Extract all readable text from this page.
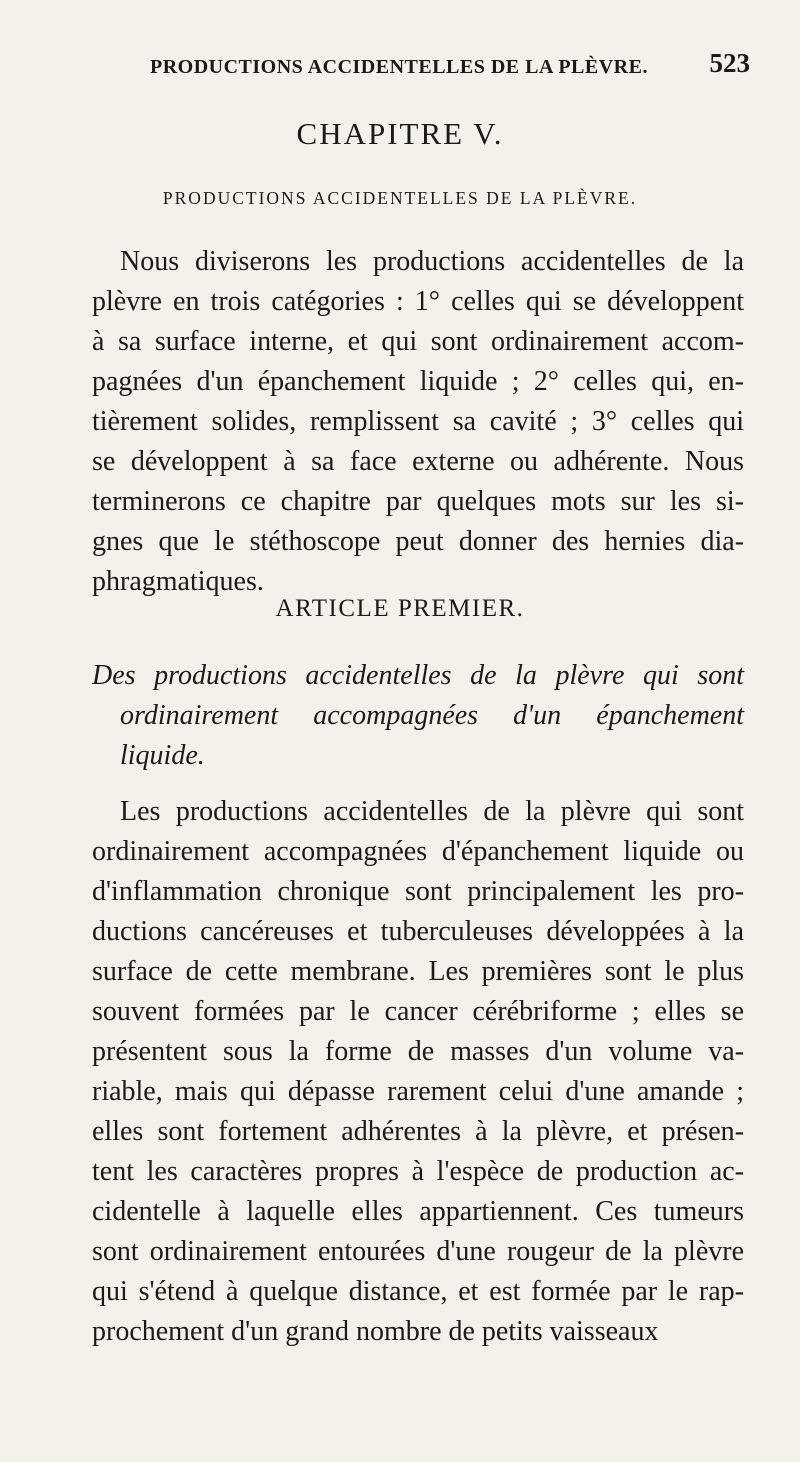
PRODUCTIONS ACCIDENTELLES DE LA PLÈVRE.	523
CHAPITRE V.
PRODUCTIONS ACCIDENTELLES DE LA PLÈVRE.
Nous diviserons les productions accidentelles de la
plèvre en trois catégories : 1° celles qui se développent
à sa surface interne, et qui sont ordinairement accom-
pagnées d'un épanchement liquide ; 2° celles qui, en-
tièrement solides, remplissent sa cavité ; 3° celles qui
se développent à sa face externe ou adhérente. Nous
terminerons ce chapitre par quelques mots sur les si-
gnes que le stéthoscope peut donner des hernies dia-
phragmatiques.
ARTICLE PREMIER.
Des productions accidentelles de la plèvre qui sont
ordinairement accompagnées d'un épanchement
liquide.
Les productions accidentelles de la plèvre qui sont
ordinairement accompagnées d'épanchement liquide ou
d'inflammation chronique sont principalement les pro-
ductions cancéreuses et tuberculeuses développées à la
surface de cette membrane. Les premières sont le plus
souvent formées par le cancer cérébriforme ; elles se
présentent sous la forme de masses d'un volume va-
riable, mais qui dépasse rarement celui d'une amande ;
elles sont fortement adhérentes à la plèvre, et présen-
tent les caractères propres à l'espèce de production ac-
cidentelle à laquelle elles appartiennent. Ces tumeurs
sont ordinairement entourées d'une rougeur de la plèvre
qui s'étend à quelque distance, et est formée par le rap-
prochement d'un grand nombre de petits vaisseaux
